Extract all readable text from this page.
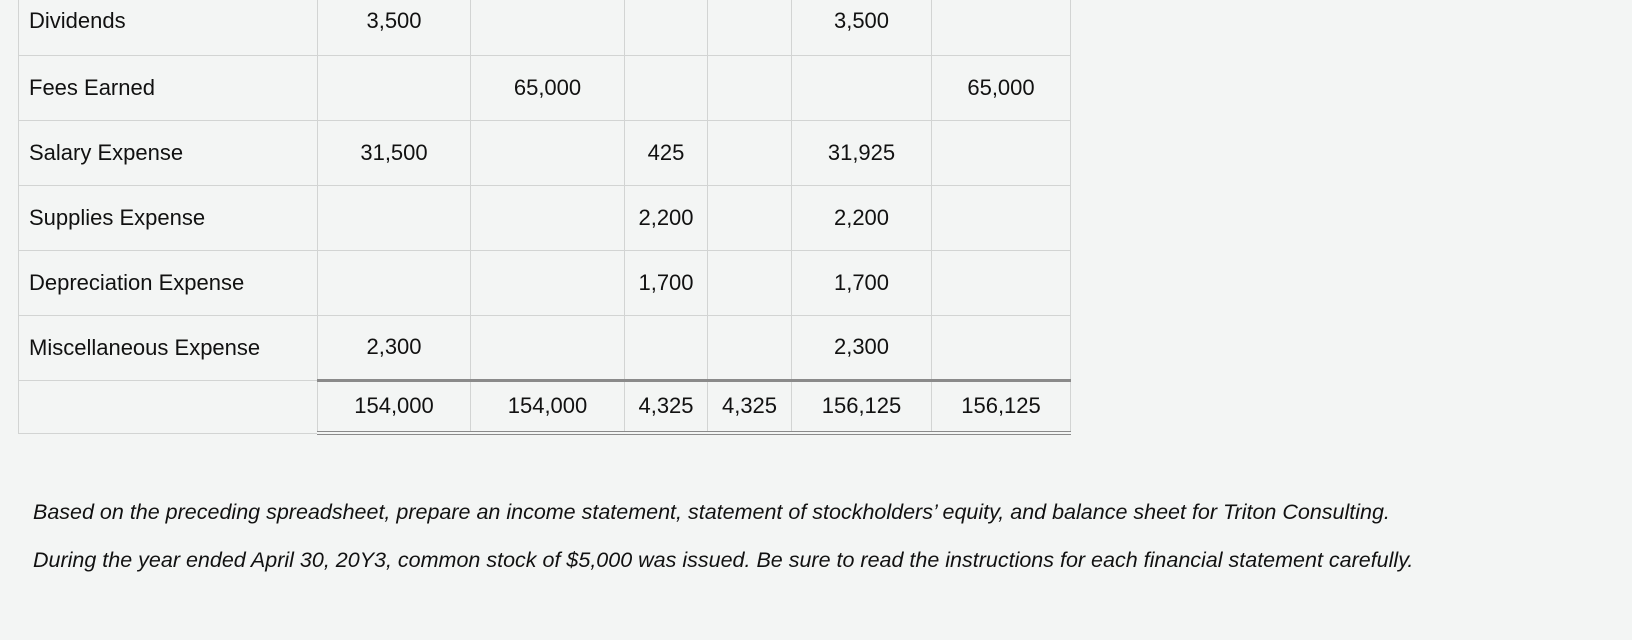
Dividends	3,500				3,500	
Fees Earned		65,000				65,000
Salary Expense	31,500		425		31,925	
Supplies Expense			2,200		2,200	
Depreciation Expense			1,700		1,700	
Miscellaneous Expense	2,300				2,300	
	154,000	154,000	4,325	4,325	156,125	156,125

Based on the preceding spreadsheet, prepare an income statement, statement of stockholders’ equity, and balance sheet for Triton Consulting.

During the year ended April 30, 20Y3, common stock of $5,000 was issued. Be sure to read the instructions for each financial statement carefully.
